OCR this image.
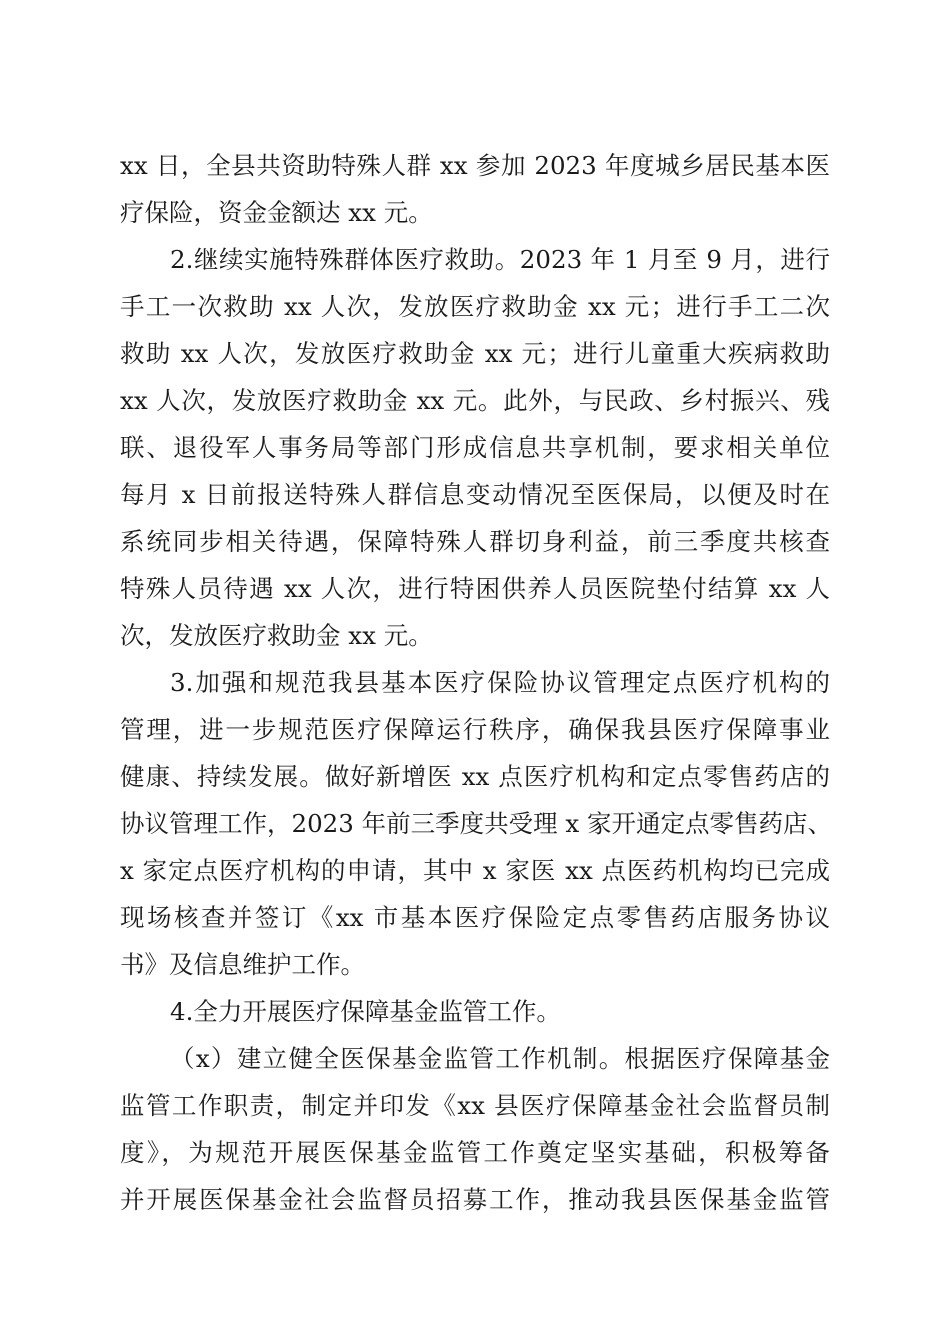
xx 日，全县共资助特殊人群 xx 参加 2023 年度城乡居民基本医
疗保险，资金金额达 xx 元。
2.继续实施特殊群体医疗救助。2023 年 1 月至 9 月，进行
手工一次救助 xx 人次，发放医疗救助金 xx 元；进行手工二次
救助 xx 人次，发放医疗救助金 xx 元；进行儿童重大疾病救助
xx 人次，发放医疗救助金 xx 元。此外，与民政、乡村振兴、残
联、退役军人事务局等部门形成信息共享机制，要求相关单位
每月 x 日前报送特殊人群信息变动情况至医保局，以便及时在
系统同步相关待遇，保障特殊人群切身利益，前三季度共核查
特殊人员待遇 xx 人次，进行特困供养人员医院垫付结算 xx 人
次，发放医疗救助金 xx 元。
3.加强和规范我县基本医疗保险协议管理定点医疗机构的
管理，进一步规范医疗保障运行秩序，确保我县医疗保障事业
健康、持续发展。做好新增医 xx 点医疗机构和定点零售药店的
协议管理工作，2023 年前三季度共受理 x 家开通定点零售药店、
x 家定点医疗机构的申请，其中 x 家医 xx 点医药机构均已完成
现场核查并签订《xx 市基本医疗保险定点零售药店服务协议
书》及信息维护工作。
4.全力开展医疗保障基金监管工作。
（x）建立健全医保基金监管工作机制。根据医疗保障基金
监管工作职责，制定并印发《xx 县医疗保障基金社会监督员制
度》，为规范开展医保基金监管工作奠定坚实基础，积极筹备
并开展医保基金社会监督员招募工作，推动我县医保基金监管
